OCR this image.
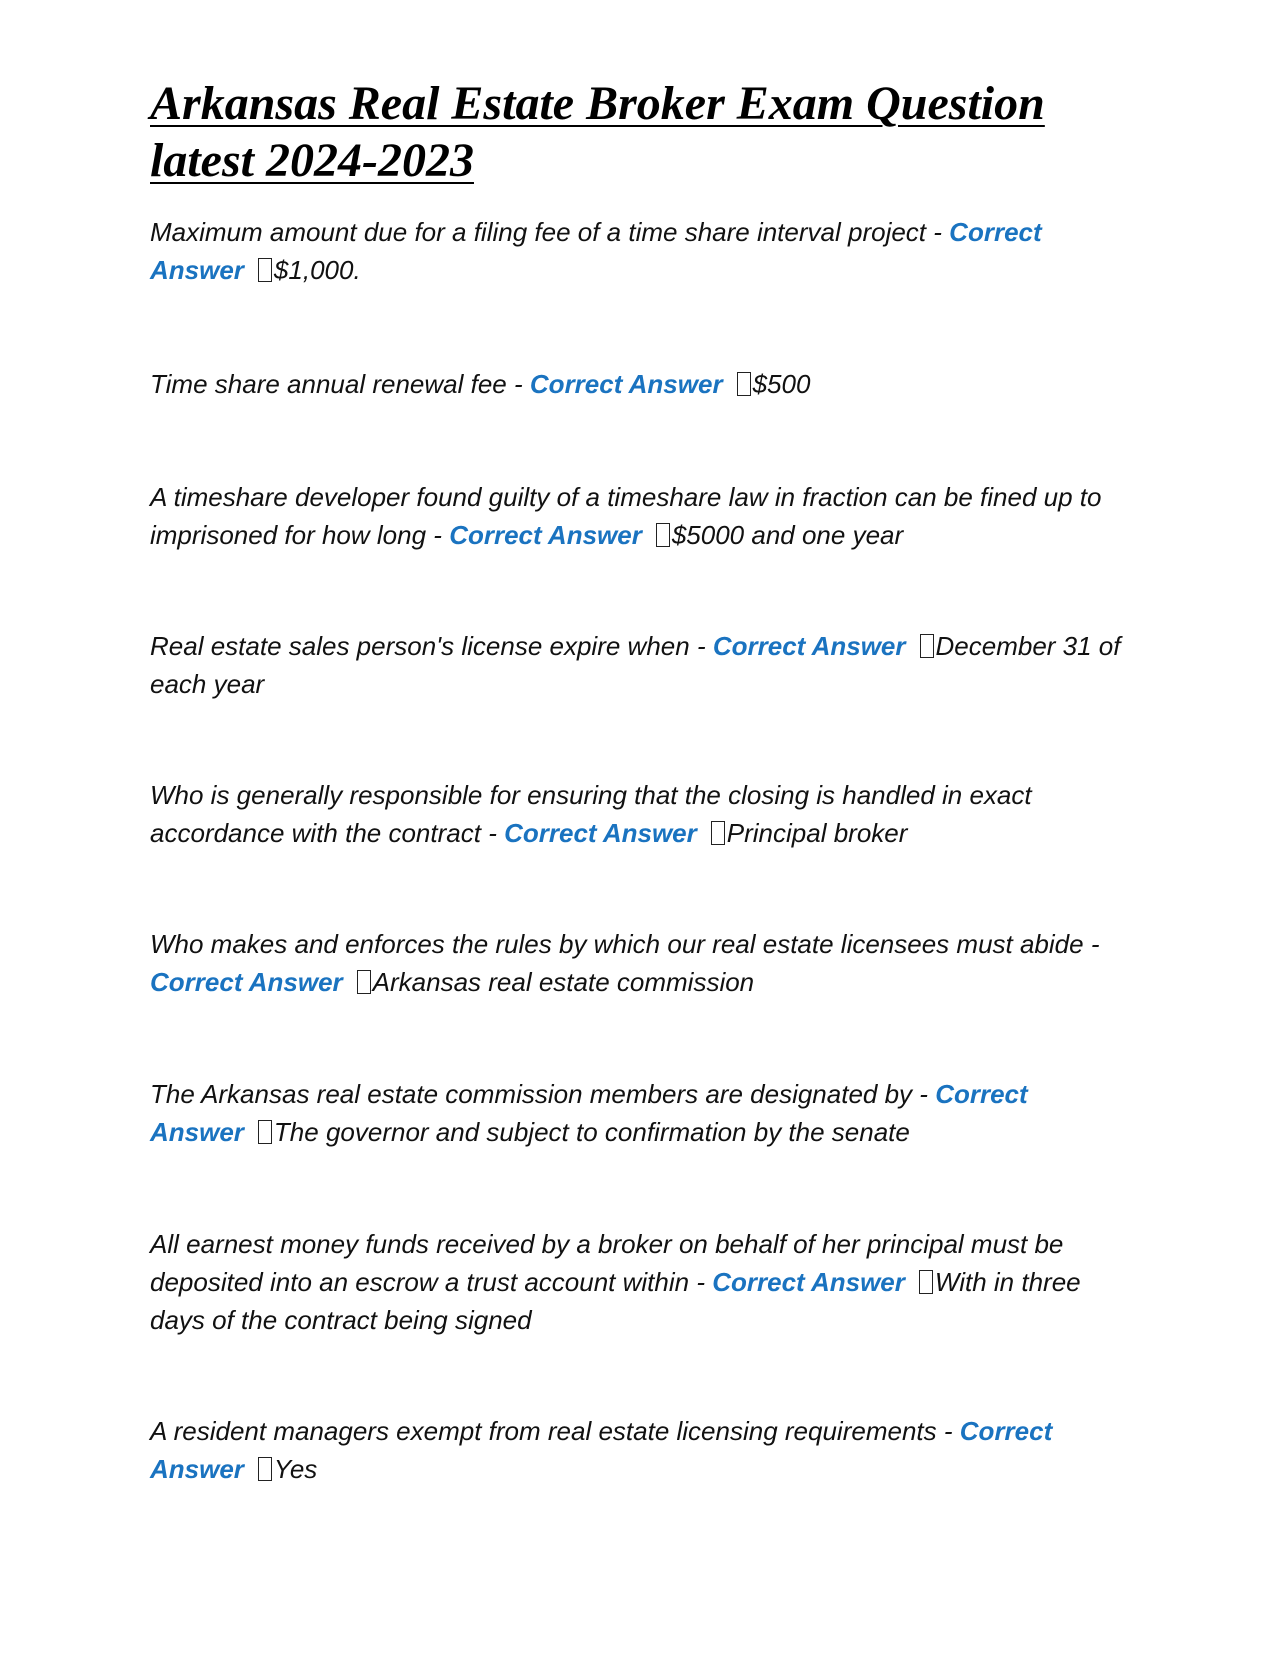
Arkansas Real Estate Broker Exam Question latest 2024-2023

Maximum amount due for a filing fee of a time share interval project - Correct Answer $1,000.

Time share annual renewal fee - Correct Answer $500

A timeshare developer found guilty of a timeshare law in fraction can be fined up to imprisoned for how long - Correct Answer $5000 and one year

Real estate sales person's license expire when - Correct Answer December 31 of each year

Who is generally responsible for ensuring that the closing is handled in exact accordance with the contract - Correct Answer Principal broker

Who makes and enforces the rules by which our real estate licensees must abide - Correct Answer Arkansas real estate commission

The Arkansas real estate commission members are designated by - Correct Answer The governor and subject to confirmation by the senate

All earnest money funds received by a broker on behalf of her principal must be deposited into an escrow a trust account within - Correct Answer With in three days of the contract being signed

A resident managers exempt from real estate licensing requirements - Correct Answer Yes
